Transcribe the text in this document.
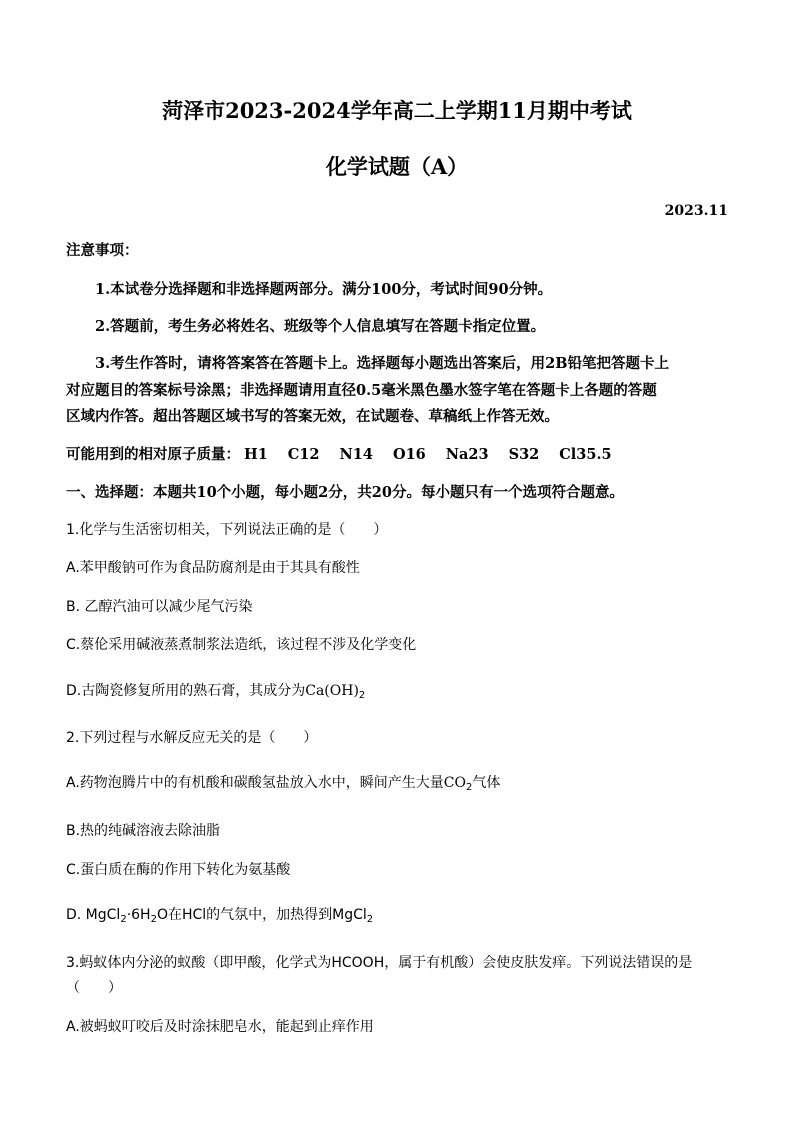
菏泽市2023-2024学年高二上学期11月期中考试
化学试题（A）
2023.11
注意事项：
1.本试卷分选择题和非选择题两部分。满分100分，考试时间90分钟。
2.答题前，考生务必将姓名、班级等个人信息填写在答题卡指定位置。
3.考生作答时，请将答案答在答题卡上。选择题每小题选出答案后，用2B铅笔把答题卡上
对应题目的答案标号涂黑；非选择题请用直径0.5毫米黑色墨水签字笔在答题卡上各题的答题
区域内作答。超出答题区域书写的答案无效，在试题卷、草稿纸上作答无效。
可能用到的相对原子质量： H1 C12 N14 O16 Na23 S32 Cl35.5
一、选择题：本题共10个小题，每小题2分，共20分。每小题只有一个选项符合题意。
1.化学与生活密切相关，下列说法正确的是（　　）
A.苯甲酸钠可作为食品防腐剂是由于其具有酸性
B. 乙醇汽油可以减少尾气污染
C.蔡伦采用碱液蒸煮制浆法造纸，该过程不涉及化学变化
D.古陶瓷修复所用的熟石膏，其成分为$Ca(OH)_2$
2.下列过程与水解反应无关的是（　　）
A.药物泡腾片中的有机酸和碳酸氢盐放入水中，瞬间产生大量$CO_2$气体
B.热的纯碱溶液去除油脂
C.蛋白质在酶的作用下转化为氨基酸
D. $MgCl_2\cdot 6H_2O$在HCl的气氛中，加热得到MgCl$_2$
3.蚂蚁体内分泌的蚁酸（即甲酸，化学式为HCOOH，属于有机酸）会使皮肤发痒。下列说法错误的是
（　　）
A.被蚂蚁叮咬后及时涂抹肥皂水，能起到止痒作用
